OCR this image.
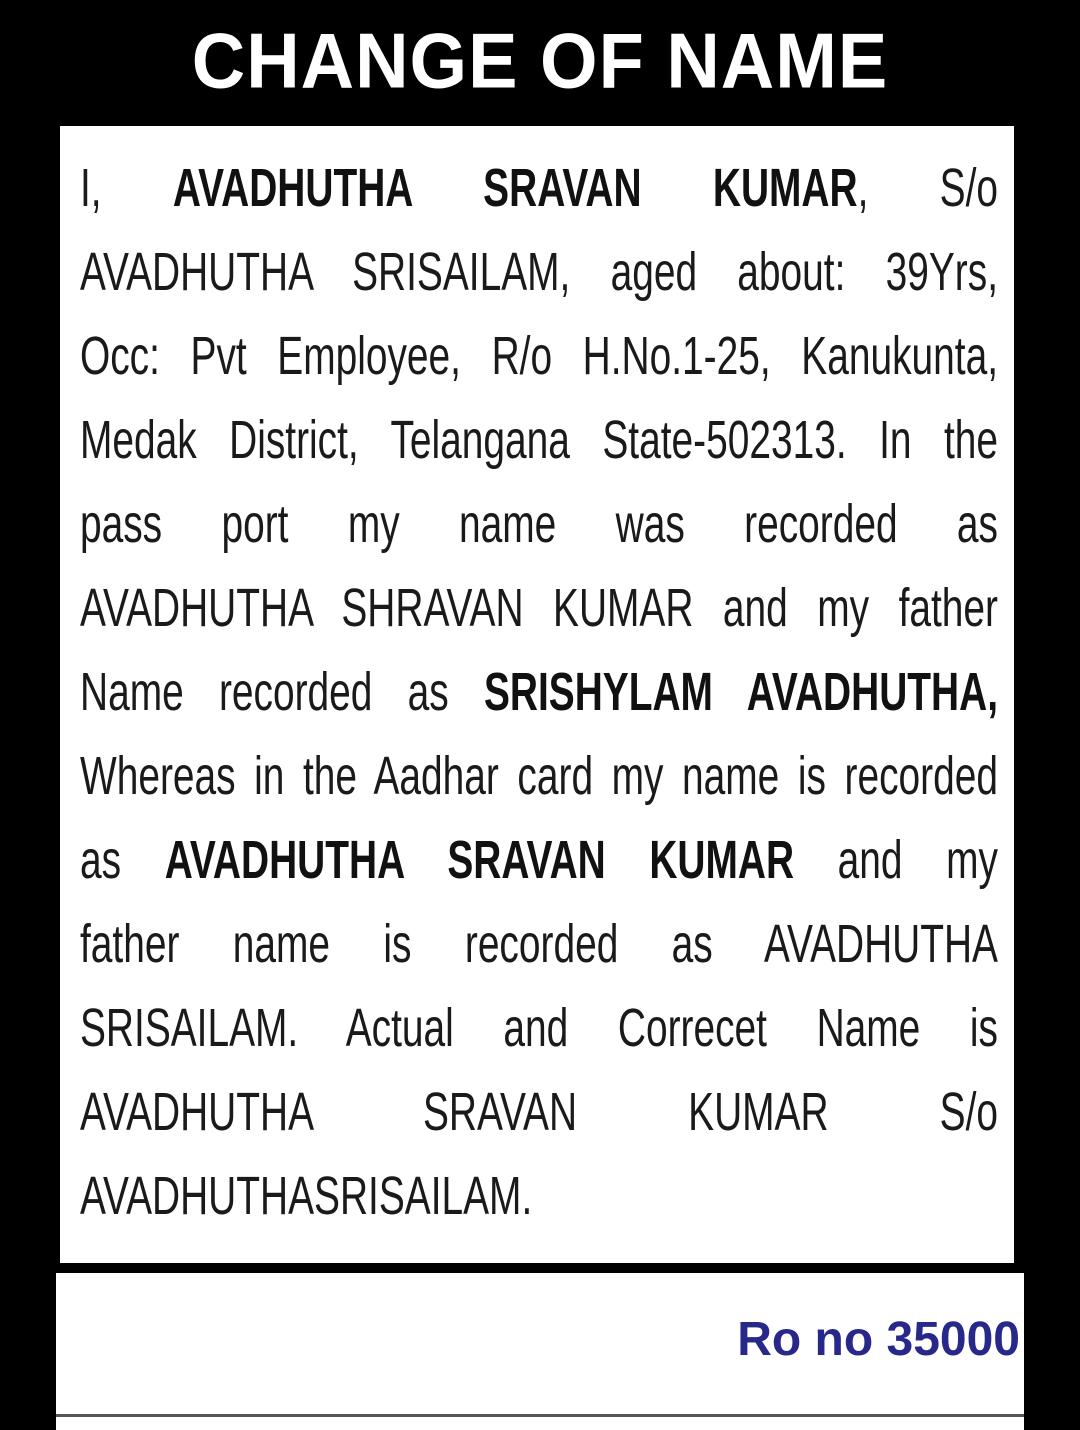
CHANGE OF NAME
I, AVADHUTHA SRAVAN KUMAR, S/o
AVADHUTHA SRISAILAM, aged about: 39Yrs,
Occ: Pvt Employee, R/o H.No.1-25, Kanukunta,
Medak District, Telangana State-502313. In the
pass port my name was recorded as
AVADHUTHA SHRAVAN KUMAR and my father
Name recorded as SRISHYLAM AVADHUTHA,
Whereas in the Aadhar card my name is recorded
as AVADHUTHA SRAVAN KUMAR and my
father name is recorded as AVADHUTHA
SRISAILAM. Actual and Correcet Name is
AVADHUTHA SRAVAN KUMAR S/o
AVADHUTHASRISAILAM.
Ro no 35000
